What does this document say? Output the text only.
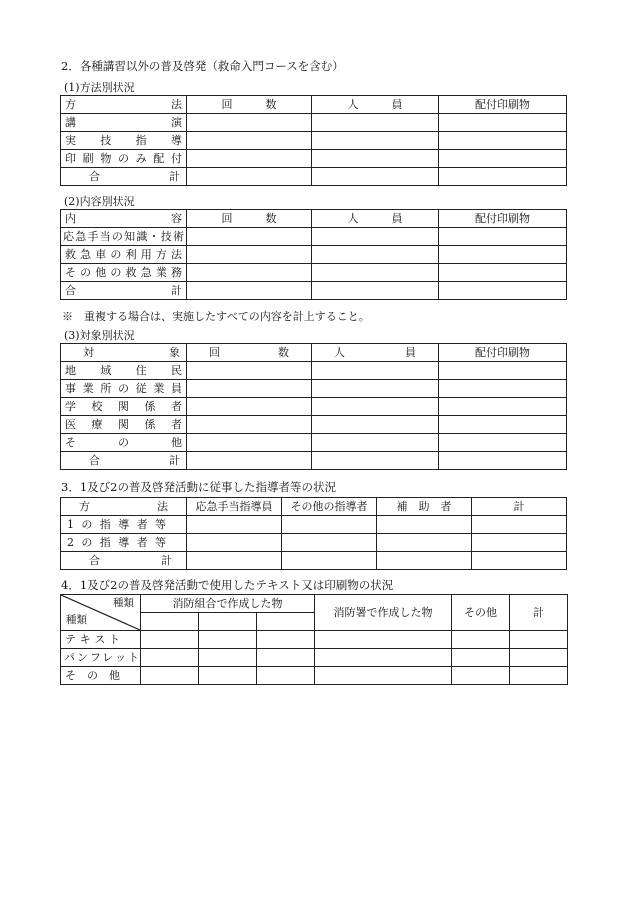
2．各種講習以外の普及啓発（救命入門コースを含む）
(1)方法別状況
方　　　法	回　　　数	人　　　員	配付印刷物
講　　演			
実　技　指　導			
印刷物のみ配付			
合　　　計			
(2)内容別状況
内　　　容	回　　　数	人　　　員	配付印刷物
応急手当の知識・技術			
救急車の利用方法			
その他の救急業務			
合　　　計			
※　重複する場合は、実施したすべての内容を計上すること。
(3)対象別状況
対　　　象	回　　　数	人　　　員	配付印刷物
地　域　住　民			
事業所の従業員			
学　校　関　係　者			
医　療　関　係　者			
そ　の　他			
合　　　計			
3．1及び2の普及啓発活動に従事した指導者等の状況
方　　法	応急手当指導員	その他の指導者	補　助　者	計
1の指導者等				
2の指導者等				
合　　計				
4．1及び2の普及啓発活動で使用したテキスト又は印刷物の状況
種類
種類	消防組合で作成した物			消防署で作成した物	その他	計

テ キ ス ト						
パンフレット						
そ　の　他						
